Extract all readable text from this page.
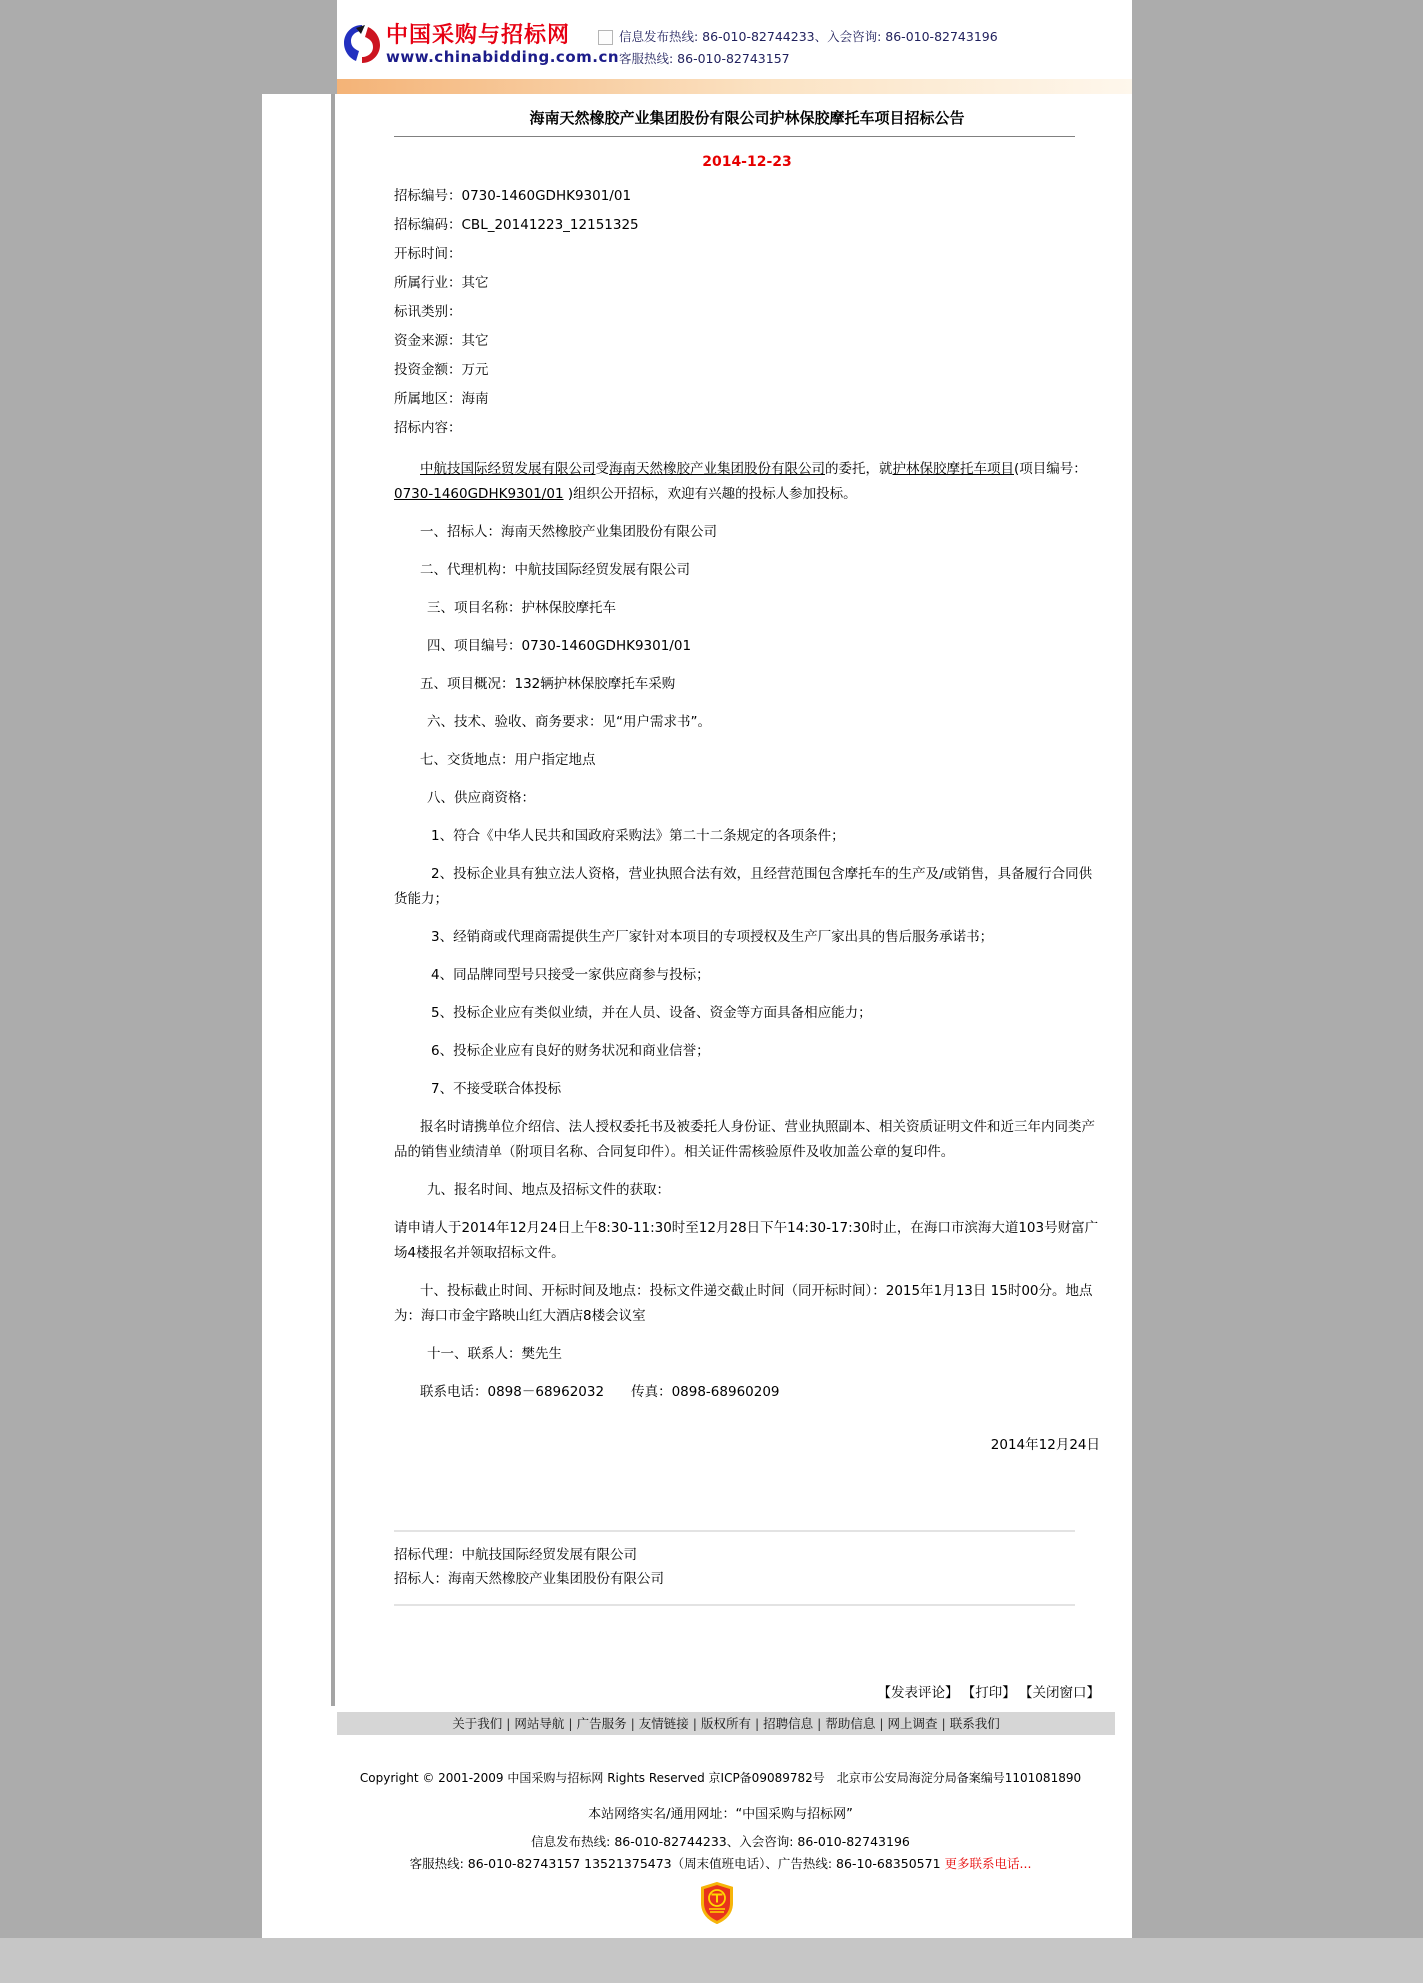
中国采购与招标网
www.chinabidding.com.cn
信息发布热线: 86-010-82744233、入会咨询: 86-010-82743196
客服热线: 86-010-82743157

海南天然橡胶产业集团股份有限公司护林保胶摩托车项目招标公告

2014-12-23
招标编号：0730-1460GDHK9301/01
招标编码：CBL_20141223_12151325
开标时间：
所属行业：其它
标讯类别：
资金来源：其它
投资金额：万元
所属地区：海南
招标内容：

中航技国际经贸发展有限公司受海南天然橡胶产业集团股份有限公司的委托，就护林保胶摩托车项目(项目编号： 0730-1460GDHK9301/01 )组织公开招标，欢迎有兴趣的投标人参加投标。

一、招标人：海南天然橡胶产业集团股份有限公司

二、代理机构：中航技国际经贸发展有限公司

三、项目名称：护林保胶摩托车

四、项目编号：0730-1460GDHK9301/01

五、项目概况：132辆护林保胶摩托车采购

六、技术、验收、商务要求：见“用户需求书”。

七、交货地点：用户指定地点

八、供应商资格：

1、符合《中华人民共和国政府采购法》第二十二条规定的各项条件；

2、投标企业具有独立法人资格，营业执照合法有效，且经营范围包含摩托车的生产及/或销售，具备履行合同供货能力；

3、经销商或代理商需提供生产厂家针对本项目的专项授权及生产厂家出具的售后服务承诺书；

4、同品牌同型号只接受一家供应商参与投标；

5、投标企业应有类似业绩，并在人员、设备、资金等方面具备相应能力；

6、投标企业应有良好的财务状况和商业信誉；

7、不接受联合体投标

报名时请携单位介绍信、法人授权委托书及被委托人身份证、营业执照副本、相关资质证明文件和近三年内同类产品的销售业绩清单（附项目名称、合同复印件）。相关证件需核验原件及收加盖公章的复印件。

九、报名时间、地点及招标文件的获取：

请申请人于2014年12月24日上午8:30-11:30时至12月28日下午14:30-17:30时止，在海口市滨海大道103号财富广场4楼报名并领取招标文件。

十、投标截止时间、开标时间及地点：投标文件递交截止时间（同开标时间）：2015年1月13日 15时00分。地点为：海口市金宇路映山红大酒店8楼会议室

十一、联系人：樊先生

联系电话：0898－68962032　　传真：0898-68960209

2014年12月24日

招标代理：中航技国际经贸发展有限公司

招标人：海南天然橡胶产业集团股份有限公司

【发表评论】 【打印】 【关闭窗口】
关于我们 | 网站导航 | 广告服务 | 友情链接 | 版权所有 | 招聘信息 | 帮助信息 | 网上调查 | 联系我们
Copyright © 2001-2009 中国采购与招标网 Rights Reserved 京ICP备09089782号　北京市公安局海淀分局备案编号1101081890
本站网络实名/通用网址：“中国采购与招标网”
信息发布热线: 86-010-82744233、入会咨询: 86-010-82743196
客服热线: 86-010-82743157 13521375473（周末值班电话）、广告热线: 86-10-68350571 更多联系电话...
